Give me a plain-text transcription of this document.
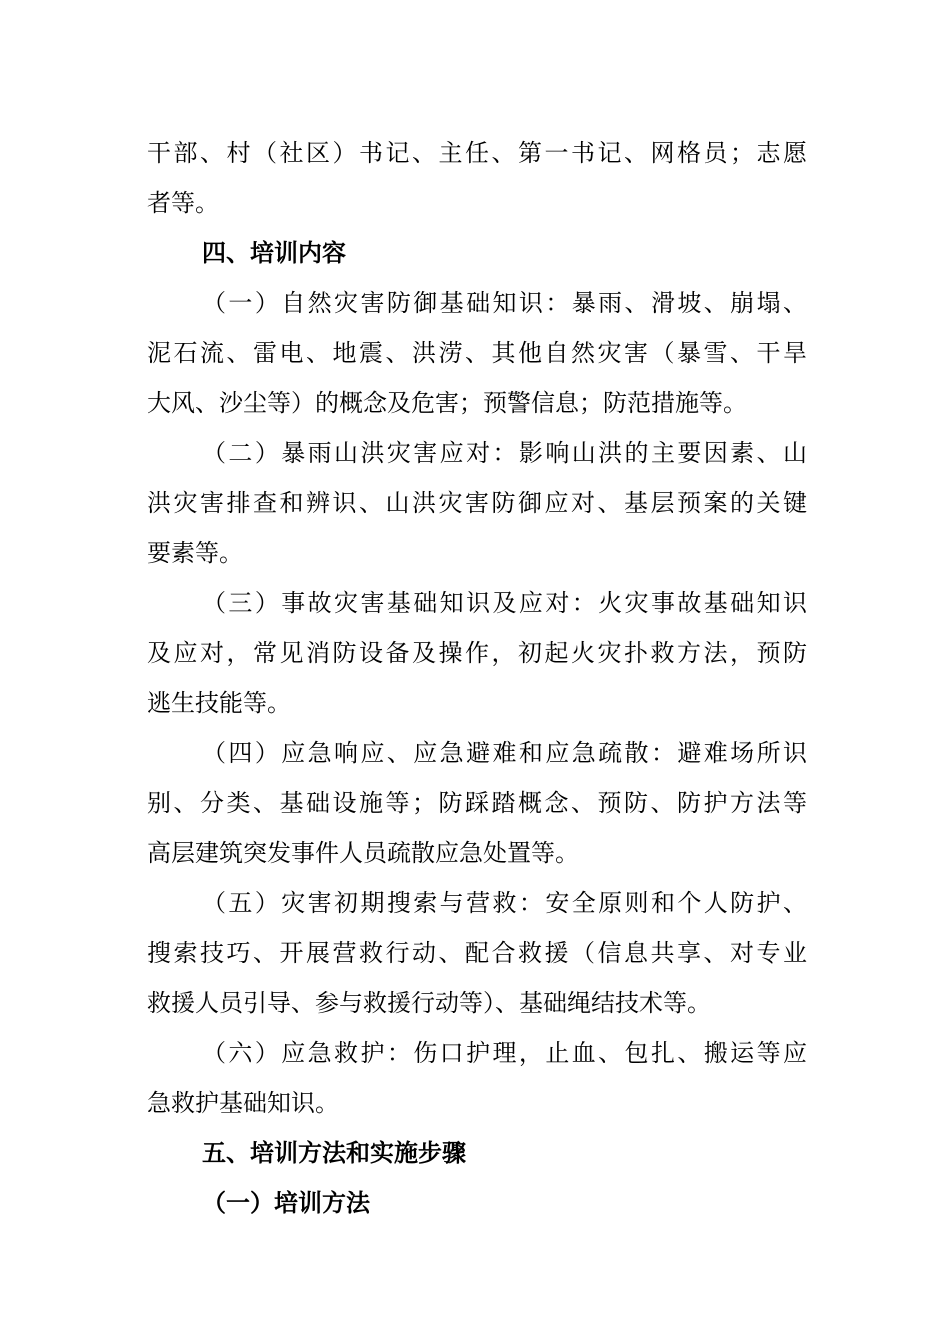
干部、村（社区）书记、主任、第一书记、网格员；志愿
者等。
四、培训内容
（一）自然灾害防御基础知识：暴雨、滑坡、崩塌、
泥石流、雷电、地震、洪涝、其他自然灾害（暴雪、干旱
大风、沙尘等）的概念及危害；预警信息；防范措施等。
（二）暴雨山洪灾害应对：影响山洪的主要因素、山
洪灾害排查和辨识、山洪灾害防御应对、基层预案的关键
要素等。
（三）事故灾害基础知识及应对：火灾事故基础知识
及应对，常见消防设备及操作，初起火灾扑救方法，预防
逃生技能等。
（四）应急响应、应急避难和应急疏散：避难场所识
别、分类、基础设施等；防踩踏概念、预防、防护方法等
高层建筑突发事件人员疏散应急处置等。
（五）灾害初期搜索与营救：安全原则和个人防护、
搜索技巧、开展营救行动、配合救援（信息共享、对专业
救援人员引导、参与救援行动等）、基础绳结技术等。
（六）应急救护：伤口护理，止血、包扎、搬运等应
急救护基础知识。
五、培训方法和实施步骤
（一）培训方法
